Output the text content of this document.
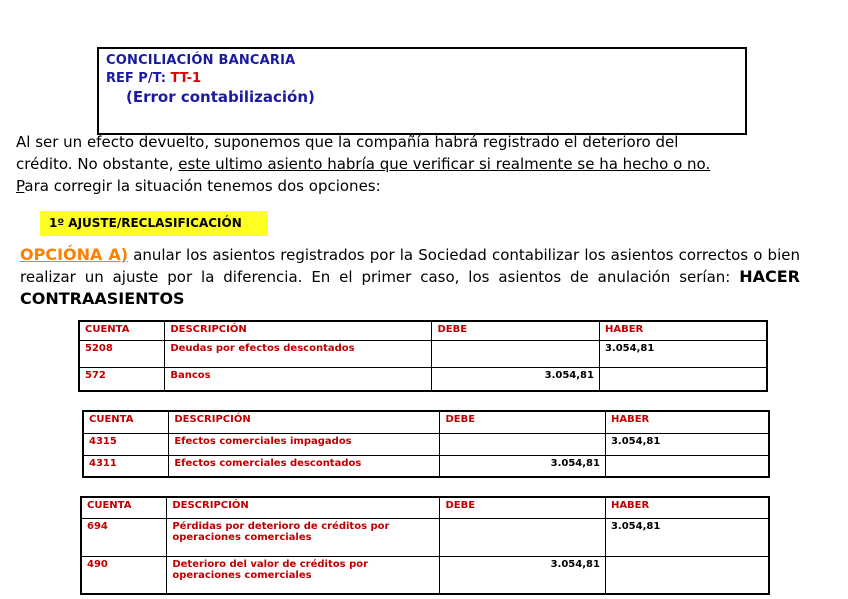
CONCILIACIÓN BANCARIA
REF P/T: TT-1
(Error contabilización)
Al ser un efecto devuelto, suponemos que la compañía habrá registrado el deterioro del
crédito. No obstante, este ultimo asiento habría que verificar si realmente se ha hecho o no.
Para corregir la situación tenemos dos opciones:
1º AJUSTE/RECLASIFICACIÓN
OPCIÓNA A) anular los asientos registrados por la Sociedad contabilizar los asientos correctos o bien realizar un ajuste por la diferencia. En el primer caso, los asientos de anulación serían: HACER CONTRAASIENTOS
CUENTA	DESCRIPCIÓN	DEBE	HABER
5208	Deudas por efectos descontados		3.054,81
572	Bancos	3.054,81	
CUENTA	DESCRIPCIÓN	DEBE	HABER
4315	Efectos comerciales impagados		3.054,81
4311	Efectos comerciales descontados	3.054,81	
CUENTA	DESCRIPCIÓN	DEBE	HABER
694	Pérdidas por deterioro de créditos por operaciones comerciales		3.054,81
490	Deterioro del valor de créditos por operaciones comerciales	3.054,81	
